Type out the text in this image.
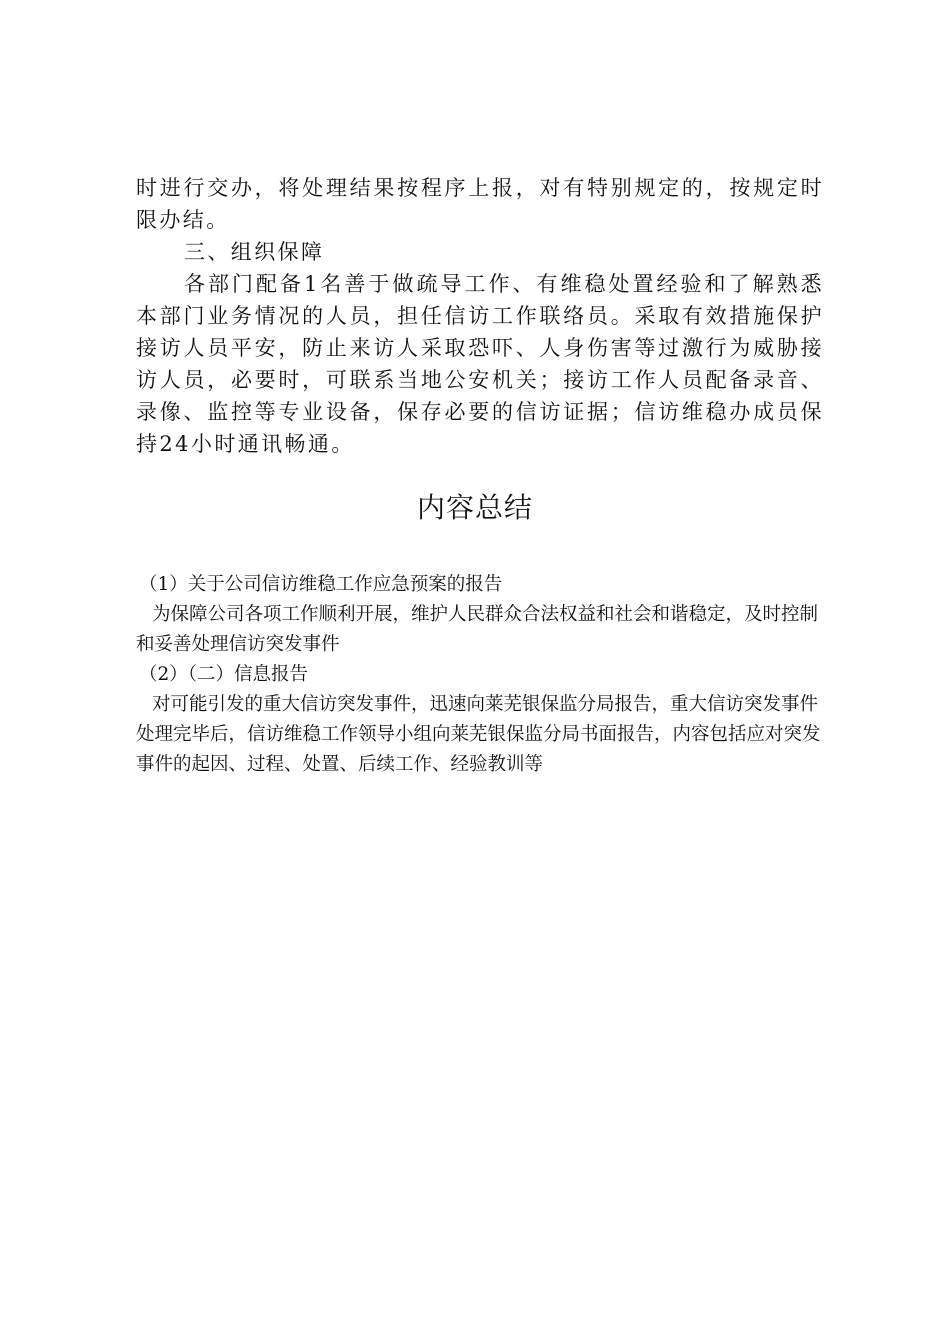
时进行交办，将处理结果按程序上报，对有特别规定的，按规定时限办结。

三、组织保障

各部门配备1名善于做疏导工作、有维稳处置经验和了解熟悉本部门业务情况的人员，担任信访工作联络员。采取有效措施保护接访人员平安，防止来访人采取恐吓、人身伤害等过激行为威胁接访人员，必要时，可联系当地公安机关；接访工作人员配备录音、录像、监控等专业设备，保存必要的信访证据；信访维稳办成员保持24小时通讯畅通。

内容总结

（1）关于公司信访维稳工作应急预案的报告

为保障公司各项工作顺利开展，维护人民群众合法权益和社会和谐稳定，及时控制和妥善处理信访突发事件

（2）（二）信息报告

对可能引发的重大信访突发事件，迅速向莱芜银保监分局报告，重大信访突发事件处理完毕后，信访维稳工作领导小组向莱芜银保监分局书面报告，内容包括应对突发事件的起因、过程、处置、后续工作、经验教训等
